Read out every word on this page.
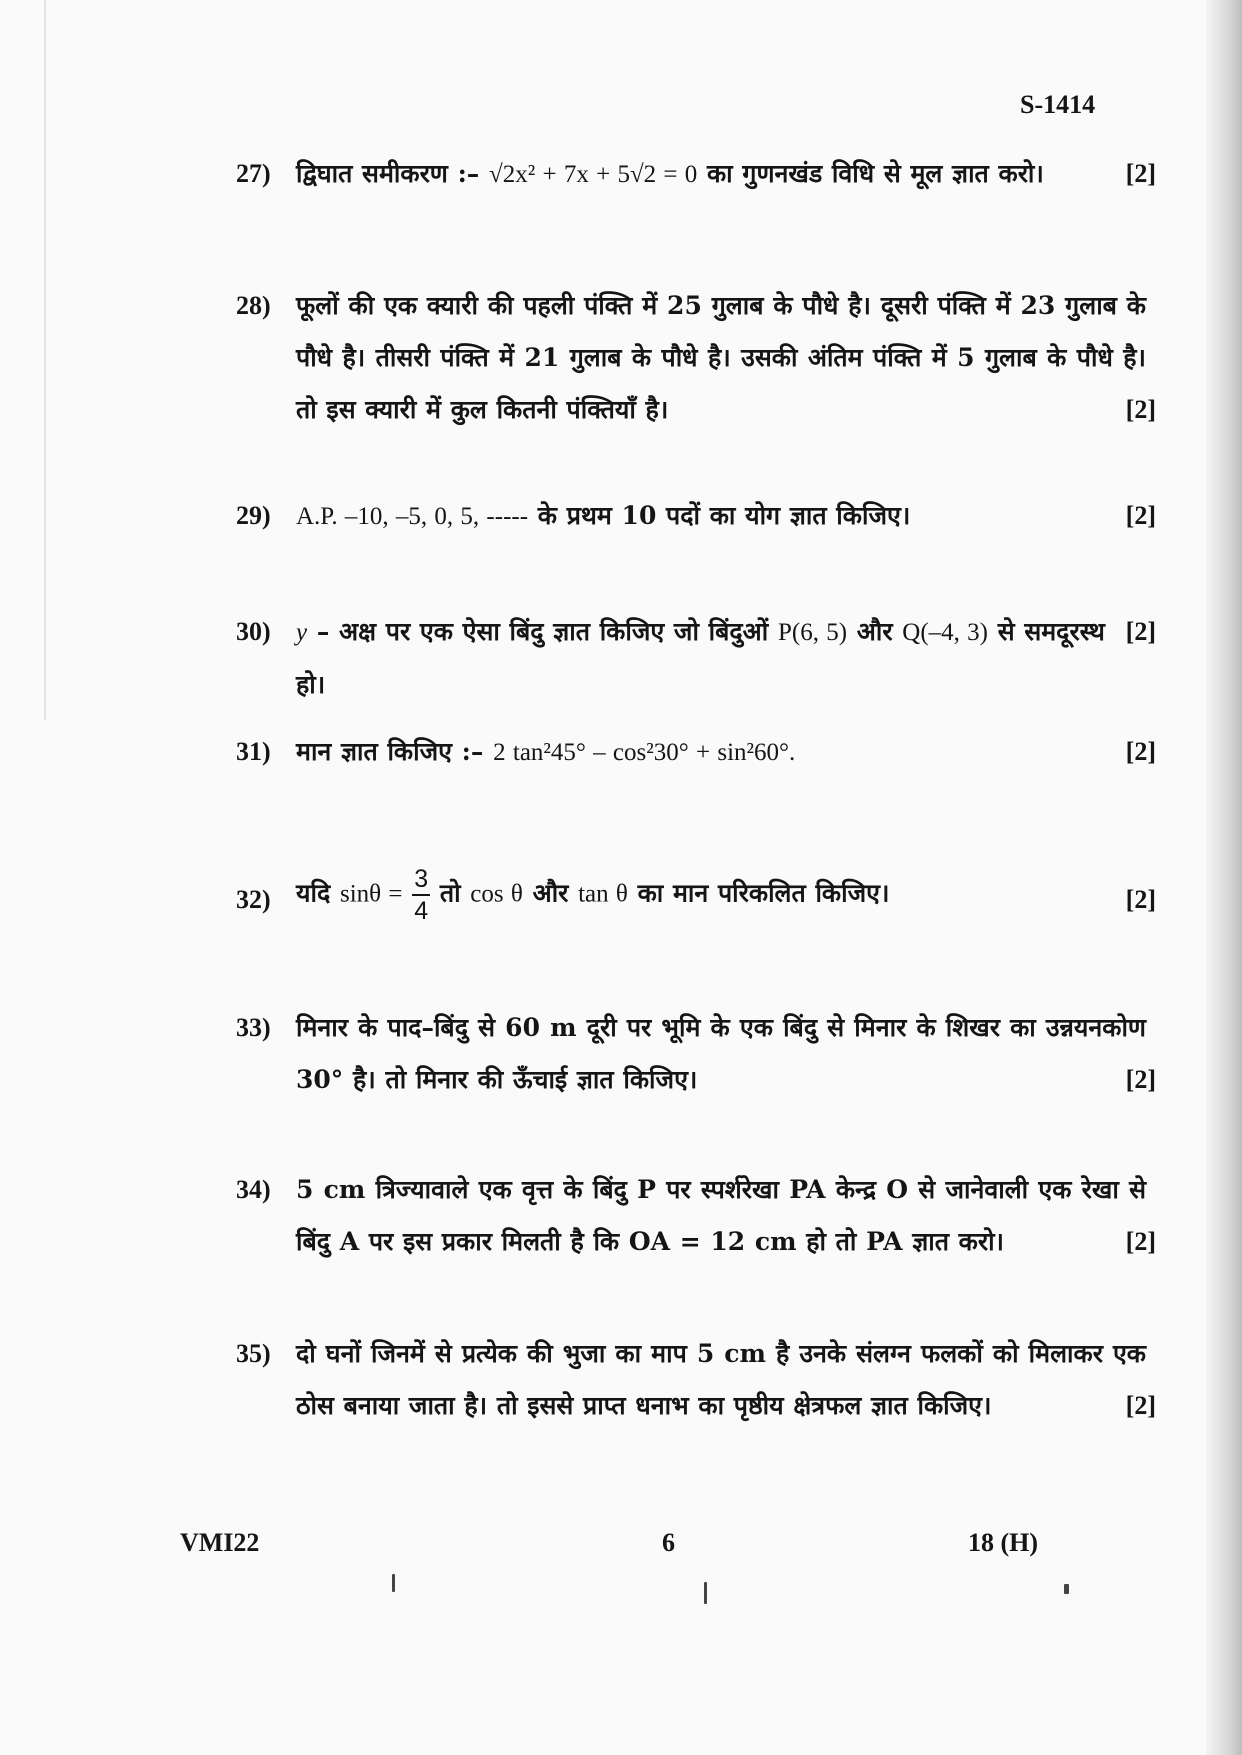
S-1414
27)	द्विघात समीकरण :– √2x² + 7x + 5√2 = 0 का गुणनखंड विधि से मूल ज्ञात करो।	[2]
28)	फूलों की एक क्यारी की पहली पंक्ति में 25 गुलाब के पौधे है। दूसरी पंक्ति में 23 गुलाब के पौधे है। तीसरी पंक्ति में 21 गुलाब के पौधे है। उसकी अंतिम पंक्ति में 5 गुलाब के पौधे है। तो इस क्यारी में कुल कितनी पंक्तियाँ है।	[2]
29)	A.P. –10, –5, 0, 5, ----- के प्रथम 10 पदों का योग ज्ञात किजिए।	[2]
30)	y – अक्ष पर एक ऐसा बिंदु ज्ञात किजिए जो बिंदुओं P(6, 5) और Q(–4, 3) से समदूरस्थ हो।
[2]
31)	मान ज्ञात किजिए :– 2 tan²45° – cos²30° + sin²60°.	[2]
32)	यदि $\sin\theta = \frac{3}{4}$ तो cos θ और tan θ का मान परिकलित किजिए।	[2]
33)	मिनार के पाद–बिंदु से 60 m दूरी पर भूमि के एक बिंदु से मिनार के शिखर का उन्नयनकोण 30° है। तो मिनार की ऊँचाई ज्ञात किजिए।	[2]
34)	5 cm त्रिज्यावाले एक वृत्त के बिंदु P पर स्पर्शरेखा PA केन्द्र O से जानेवाली एक रेखा से बिंदु A पर इस प्रकार मिलती है कि OA = 12 cm हो तो PA ज्ञात करो।	[2]
35)	दो घनों जिनमें से प्रत्येक की भुजा का माप 5 cm है उनके संलग्न फलकों को मिलाकर एक ठोस बनाया जाता है। तो इससे प्राप्त धनाभ का पृष्ठीय क्षेत्रफल ज्ञात किजिए।	[2]
VMI22	6	18 (H)
